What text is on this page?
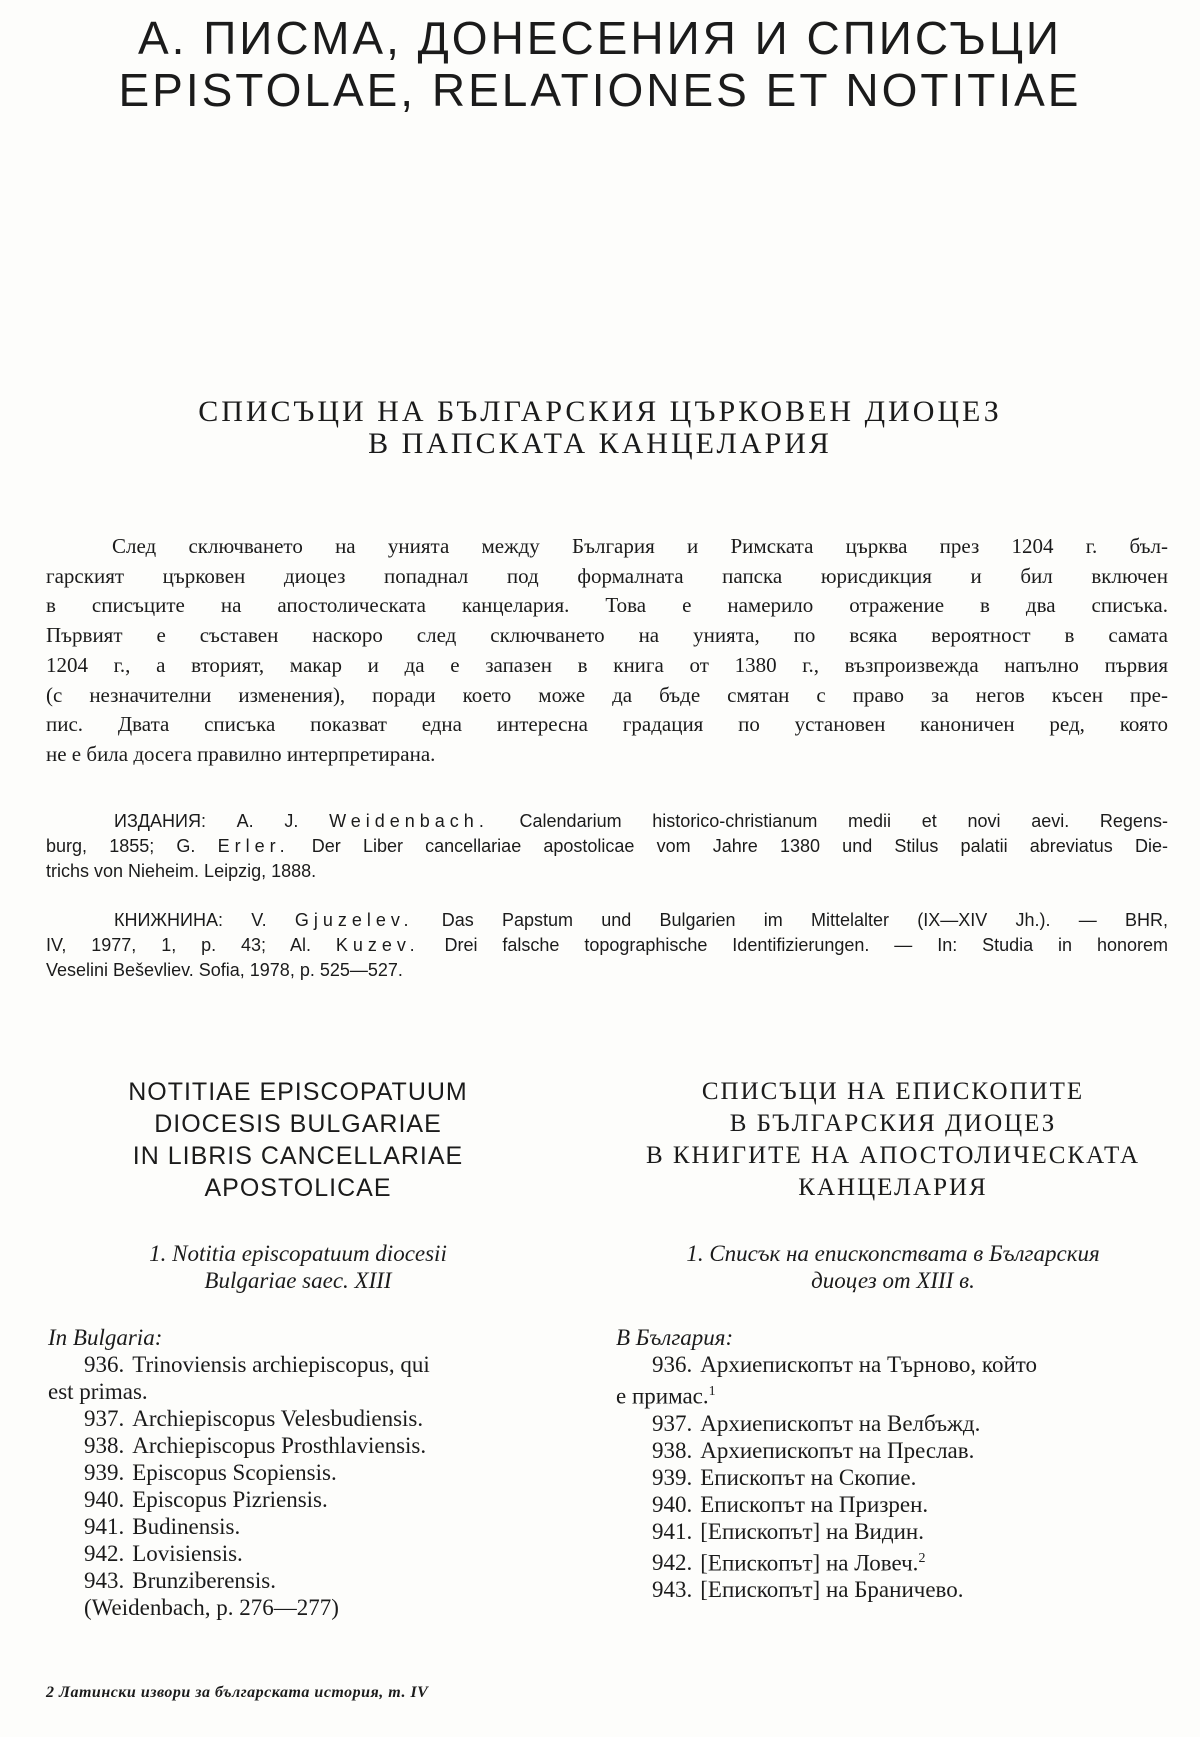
А. ПИСМА, ДОНЕСЕНИЯ И СПИСЪЦИ
EPISTOLAE, RELATIONES ET NOTITIAE
СПИСЪЦИ НА БЪЛГАРСКИЯ ЦЪРКОВЕН ДИОЦЕЗ
В ПАПСКАТА КАНЦЕЛАРИЯ
След сключването на унията между България и Римската църква през 1204 г. бъл-
гарският църковен диоцез попаднал под формалната папска юрисдикция и бил включен
в списъците на апостолическата канцелария. Това е намерило отражение в два списъка.
Първият е съставен наскоро след сключването на унията, по всяка вероятност в самата
1204 г., а вторият, макар и да е запазен в книга от 1380 г., възпроизвежда напълно първия
(с незначителни изменения), поради което може да бъде смятан с право за негов късен пре-
пис. Двата списъка показват една интересна градация по установен каноничен ред, която
не е била досега правилно интерпретирана.
ИЗДАНИЯ: A. J. Weidenbach. Calendarium historico-christianum medii et novi aevi. Regens-
burg, 1855; G. Erler. Der Liber cancellariae apostolicae vom Jahre 1380 und Stilus palatii abreviatus Die-
trichs von Nieheim. Leipzig, 1888.
КНИЖНИНА: V. Gjuzelev. Das Papstum und Bulgarien im Mittelalter (IX—XIV Jh.). — BHR,
IV, 1977, 1, p. 43; Al. Kuzev. Drei falsche topographische Identifizierungen. — In: Studia in honorem
Veselini Beševliev. Sofia, 1978, p. 525—527.
NOTITIAE EPISCOPATUUM
DIOCESIS BULGARIAE
IN LIBRIS CANCELLARIAE
APOSTOLICAE
1. Notitia episcopatuum diocesii
Bulgariae saec. XIII
In Bulgaria:
936. Trinoviensis archiepiscopus, qui
est primas.
937. Archiepiscopus Velesbudiensis.
938. Archiepiscopus Prosthlaviensis.
939. Episcopus Scopiensis.
940. Episcopus Pizriensis.
941. Budinensis.
942. Lovisiensis.
943. Brunziberensis.
(Weidenbach, p. 276—277)
СПИСЪЦИ НА ЕПИСКОПИТЕ
В БЪЛГАРСКИЯ ДИОЦЕЗ
В КНИГИТЕ НА АПОСТОЛИЧЕСКАТА
КАНЦЕЛАРИЯ
1. Списък на епископствата в Българския
диоцез от XIII в.
В България:
936. Архиепископът на Търново, който
е примас.$^1$
937. Архиепископът на Велбъжд.
938. Архиепископът на Преслав.
939. Епископът на Скопие.
940. Епископът на Призрен.
941. [Епископът] на Видин.
942. [Епископът] на Ловеч.$^2$
943. [Епископът] на Браничево.
2 Латински извори за българската история, т. IV
